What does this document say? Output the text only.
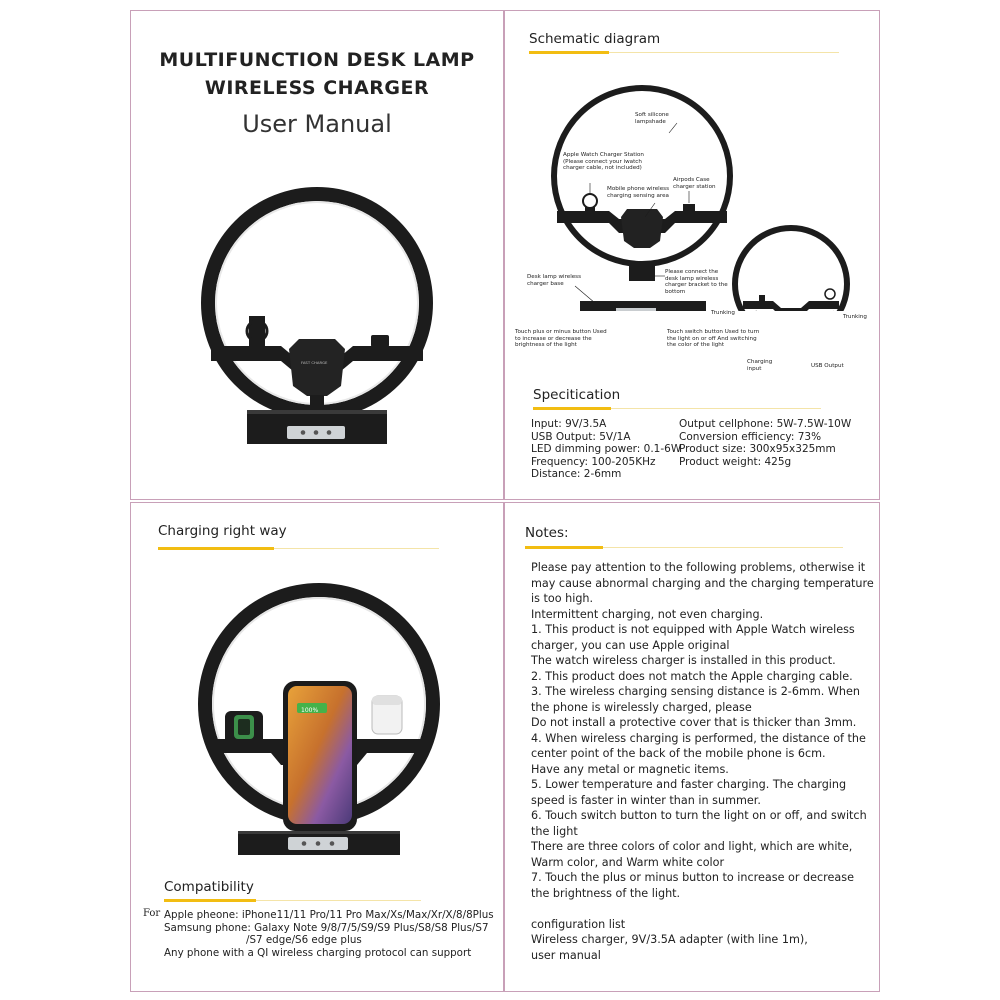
MULTIFUNCTION DESK LAMP
WIRELESS CHARGER
User Manual
FAST CHARGE
Schematic diagram
Soft silicone lampshade
Apple Watch Charger Station (Please connect your iwatch charger cable, not included)
Mobile phone wireless charging sensing area
Airpods Case charger station
Please connect the desk lamp wireless charger bracket to the bottom
Desk lamp wireless charger base
Touch plus or minus button Used to increase or decrease the brightness of the light
Touch switch button Used to turn the light on or off And switching the color of the light
Trunking
Trunking
Charging input	USB Output
Specitication
Input: 9V/3.5A
USB Output: 5V/1A
LED dimming power: 0.1-6W
Frequency: 100-205KHz
Distance: 2-6mm
Output cellphone: 5W-7.5W-10W
Conversion efficiency: 73%
Product size: 300x95x325mm
Product weight: 425g
Charging right way
100%
Compatibility
For Apple pheone: iPhone11/11 Pro/11 Pro Max/Xs/Max/Xr/X/8/8Plus
Samsung phone: Galaxy Note 9/8/7/5/S9/S9 Plus/S8/S8 Plus/S7
/S7 edge/S6 edge plus
Any phone with a QI wireless charging protocol can support
Notes:
Please pay attention to the following problems, otherwise it
may cause abnormal charging and the charging temperature
is too high.
Intermittent charging, not even charging.
1. This product is not equipped with Apple Watch wireless
charger, you can use Apple original
The watch wireless charger is installed in this product.
2. This product does not match the Apple charging cable.
3. The wireless charging sensing distance is 2-6mm. When
the phone is wirelessly charged, please
Do not install a protective cover that is thicker than 3mm.
4. When wireless charging is performed, the distance of the
center point of the back of the mobile phone is 6cm.
Have any metal or magnetic items.
5. Lower temperature and faster charging. The charging
speed is faster in winter than in summer.
6. Touch switch button to turn the light on or off, and switch
the light
There are three colors of color and light, which are white,
Warm color, and Warm white color
7. Touch the plus or minus button to increase or decrease
the brightness of the light.
configuration list
Wireless charger, 9V/3.5A adapter (with line 1m),
user manual
